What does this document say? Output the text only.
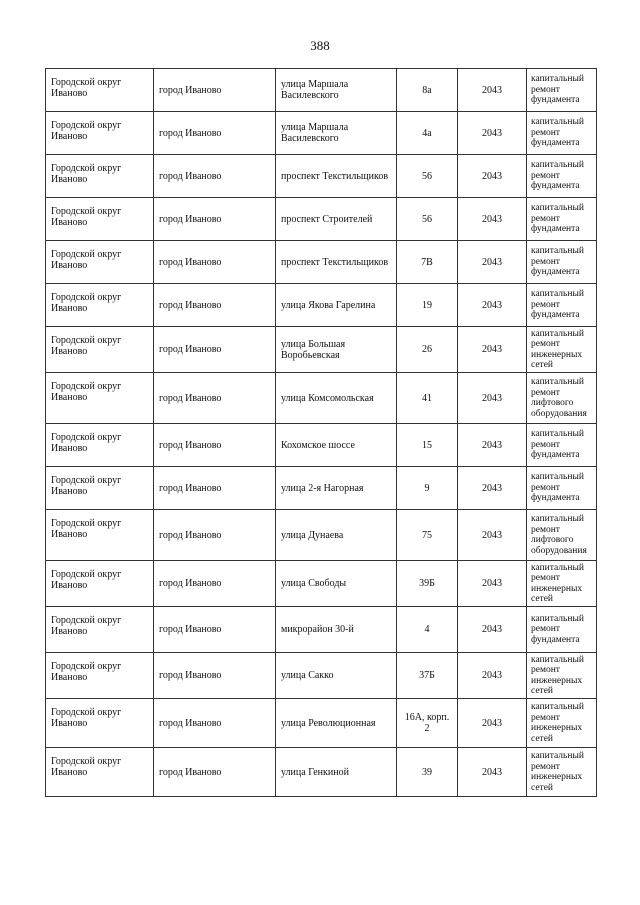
388
Городской округ Иваново	город Иваново	улица Маршала Василевского	8а	2043	капитальный ремонт фундамента
Городской округ Иваново	город Иваново	улица Маршала Василевского	4а	2043	капитальный ремонт фундамента
Городской округ Иваново	город Иваново	проспект Текстильщиков	56	2043	капитальный ремонт фундамента
Городской округ Иваново	город Иваново	проспект Строителей	56	2043	капитальный ремонт фундамента
Городской округ Иваново	город Иваново	проспект Текстильщиков	7В	2043	капитальный ремонт фундамента
Городской округ Иваново	город Иваново	улица Якова Гарелина	19	2043	капитальный ремонт фундамента
Городской округ Иваново	город Иваново	улица Большая Воробьевская	26	2043	капитальный ремонт инженерных сетей
Городской округ Иваново	город Иваново	улица Комсомольская	41	2043	капитальный ремонт лифтового оборудования
Городской округ Иваново	город Иваново	Кохомское шоссе	15	2043	капитальный ремонт фундамента
Городской округ Иваново	город Иваново	улица 2-я Нагорная	9	2043	капитальный ремонт фундамента
Городской округ Иваново	город Иваново	улица Дунаева	75	2043	капитальный ремонт лифтового оборудования
Городской округ Иваново	город Иваново	улица Свободы	39Б	2043	капитальный ремонт инженерных сетей
Городской округ Иваново	город Иваново	микрорайон 30-й	4	2043	капитальный ремонт фундамента
Городской округ Иваново	город Иваново	улица Сакко	37Б	2043	капитальный ремонт инженерных сетей
Городской округ Иваново	город Иваново	улица Революционная	16А, корп. 2	2043	капитальный ремонт инженерных сетей
Городской округ Иваново	город Иваново	улица Генкиной	39	2043	капитальный ремонт инженерных сетей
